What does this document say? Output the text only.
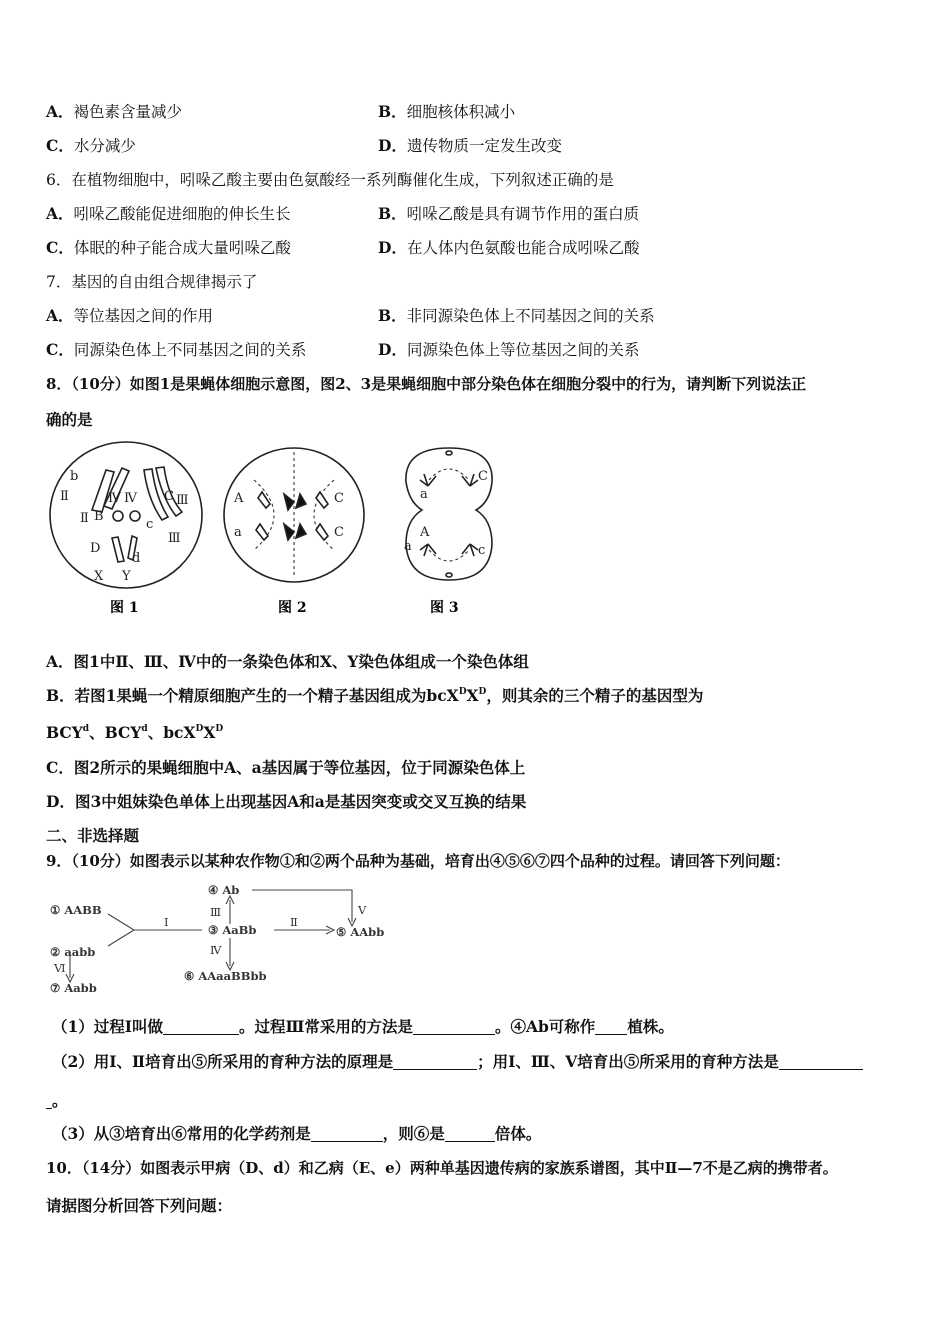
A．褐色素含量减少	B．细胞核体积减小
C．水分减少	D．遗传物质一定发生改变
6．在植物细胞中，吲哚乙酸主要由色氨酸经一系列酶催化生成，下列叙述正确的是
A．吲哚乙酸能促进细胞的伸长生长	B．吲哚乙酸是具有调节作用的蛋白质
C．体眠的种子能合成大量吲哚乙酸	D．在人体内色氨酸也能合成吲哚乙酸
7．基因的自由组合规律揭示了
A．等位基因之间的作用	B．非同源染色体上不同基因之间的关系
C．同源染色体上不同基因之间的关系	D．同源染色体上等位基因之间的关系
8．（10分）如图1是果蝇体细胞示意图，图2、3是果蝇细胞中部分染色体在细胞分裂中的行为，请判断下列说法正
确的是
b
Ⅱ	Ⅳ Ⅳ C Ⅲ
Ⅱ B
c
Ⅲ
D
d
X Y
图 1
A
a
C
C
图 2
a
C
A
a	c
图 3
A．图1中Ⅱ、Ⅲ、Ⅳ中的一条染色体和X、Y染色体组成一个染色体组
B．若图1果蝇一个精原细胞产生的一个精子基因组成为$bcX^DX^D$，则其余的三个精子的基因型为
BCY$^d$、BCY$^d$、$bcX^DX^D$
C．图2所示的果蝇细胞中A、a基因属于等位基因，位于同源染色体上
D．图3中姐妹染色单体上出现基因A和a是基因突变或交叉互换的结果
二、非选择题
9．（10分）如图表示以某种农作物①和②两个品种为基础，培育出④⑤⑥⑦四个品种的过程。请回答下列问题：
① AABB
② aabb
③ AaBb
④ Ab
⑤ AAbb
⑥ AAaaBBbb
⑦ Aabb
Ⅰ	Ⅱ
Ⅲ
Ⅳ
Ⅴ
Ⅵ
（1）过程Ⅰ叫做	。过程Ⅲ常采用的方法是	。④Ab可称作 植株。
（2）用Ⅰ、Ⅱ培育出⑤所采用的育种方法的原理是	；用Ⅰ、Ⅲ、Ⅴ培育出⑤所采用的育种方法是
。
（3）从③培育出⑥常用的化学药剂是	，则⑥是	倍体。
10．（14分）如图表示甲病（D、d）和乙病（E、e）两种单基因遗传病的家族系谱图，其中Ⅱ—7不是乙病的携带者。
请据图分析回答下列问题：
